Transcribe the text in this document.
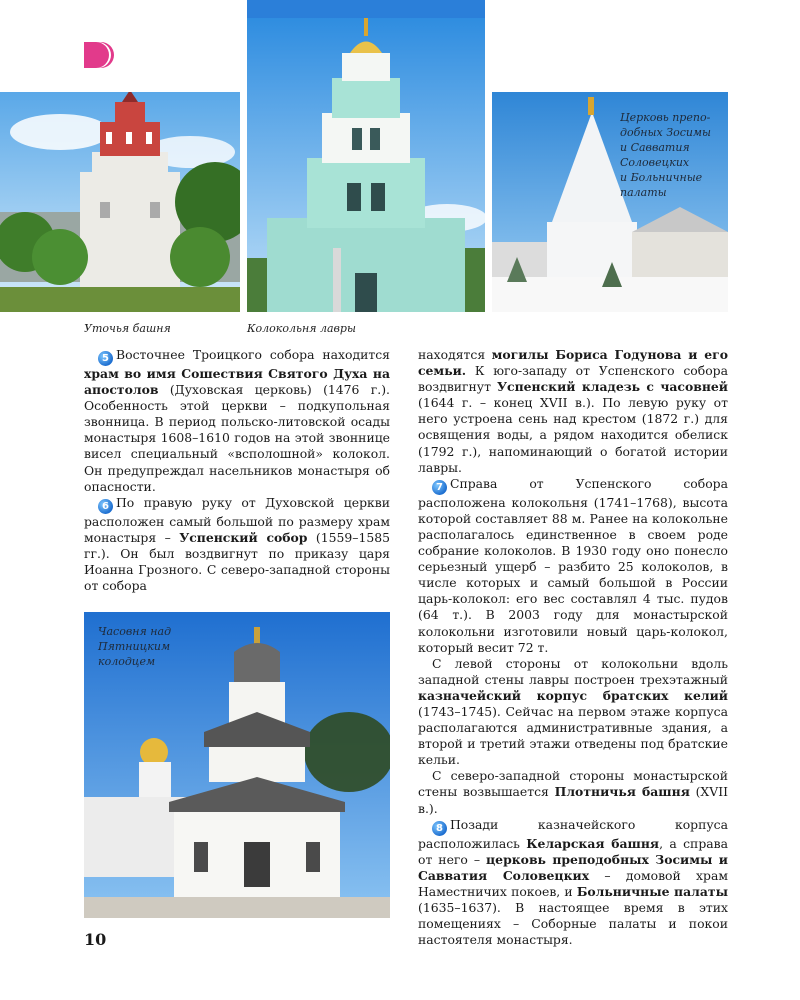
Уточья башня	Колокольня лавры
Церковь препо-
добных Зосимы
и Савватия
Соловецких
и Больничные
палаты
Часовня над
Пятницким
колодцем

5 Восточнее Троицкого собора находится храм во имя Сошествия Святого Духа на апостолов (Духовская церковь) (1476 г.). Особенность этой церкви – подкупольная звонница. В период польско-литовской осады монастыря 1608–1610 годов на этой звоннице висел специальный «всполошной» колокол. Он предупреждал насельников монастыря об опасности.

6 По правую руку от Духовской церкви расположен самый большой по размеру храм монастыря – Успенский собор (1559–1585 гг.). Он был воздвигнут по приказу царя Иоанна Грозного. С северо-западной стороны от собора

находятся могилы Бориса Годунова и его семьи. К юго-западу от Успенского собора воздвигнут Успенский кладезь с часовней (1644 г. – конец XVII в.). По левую руку от него устроена сень над крестом (1872 г.) для освящения воды, а рядом находится обелиск (1792 г.), напоминающий о богатой истории лавры.

7 Справа от Успенского собора расположена колокольня (1741–1768), высота которой составляет 88 м. Ранее на колокольне располагалось единственное в своем роде собрание колоколов. В 1930 году оно понесло серьезный ущерб – разбито 25 колоколов, в числе которых и самый большой в России царь-колокол: его вес составлял 4 тыс. пудов (64 т.). В 2003 году для монастырской колокольни изготовили новый царь-колокол, который весит 72 т.

С левой стороны от колокольни вдоль западной стены лавры построен трехэтажный казначейский корпус братских келий (1743–1745). Сейчас на первом этаже корпуса располагаются административные здания, а второй и третий этажи отведены под братские кельи.

С северо-западной стороны монастырской стены возвышается Плотничья башня (XVII в.).

8 Позади казначейского корпуса расположилась Келарская башня, а справа от него – церковь преподобных Зосимы и Савватия Соловецких – домовой храм Наместничих покоев, и Больничные палаты (1635–1637). В настоящее время в этих помещениях – Соборные палаты и покои настоятеля монастыря.

10
